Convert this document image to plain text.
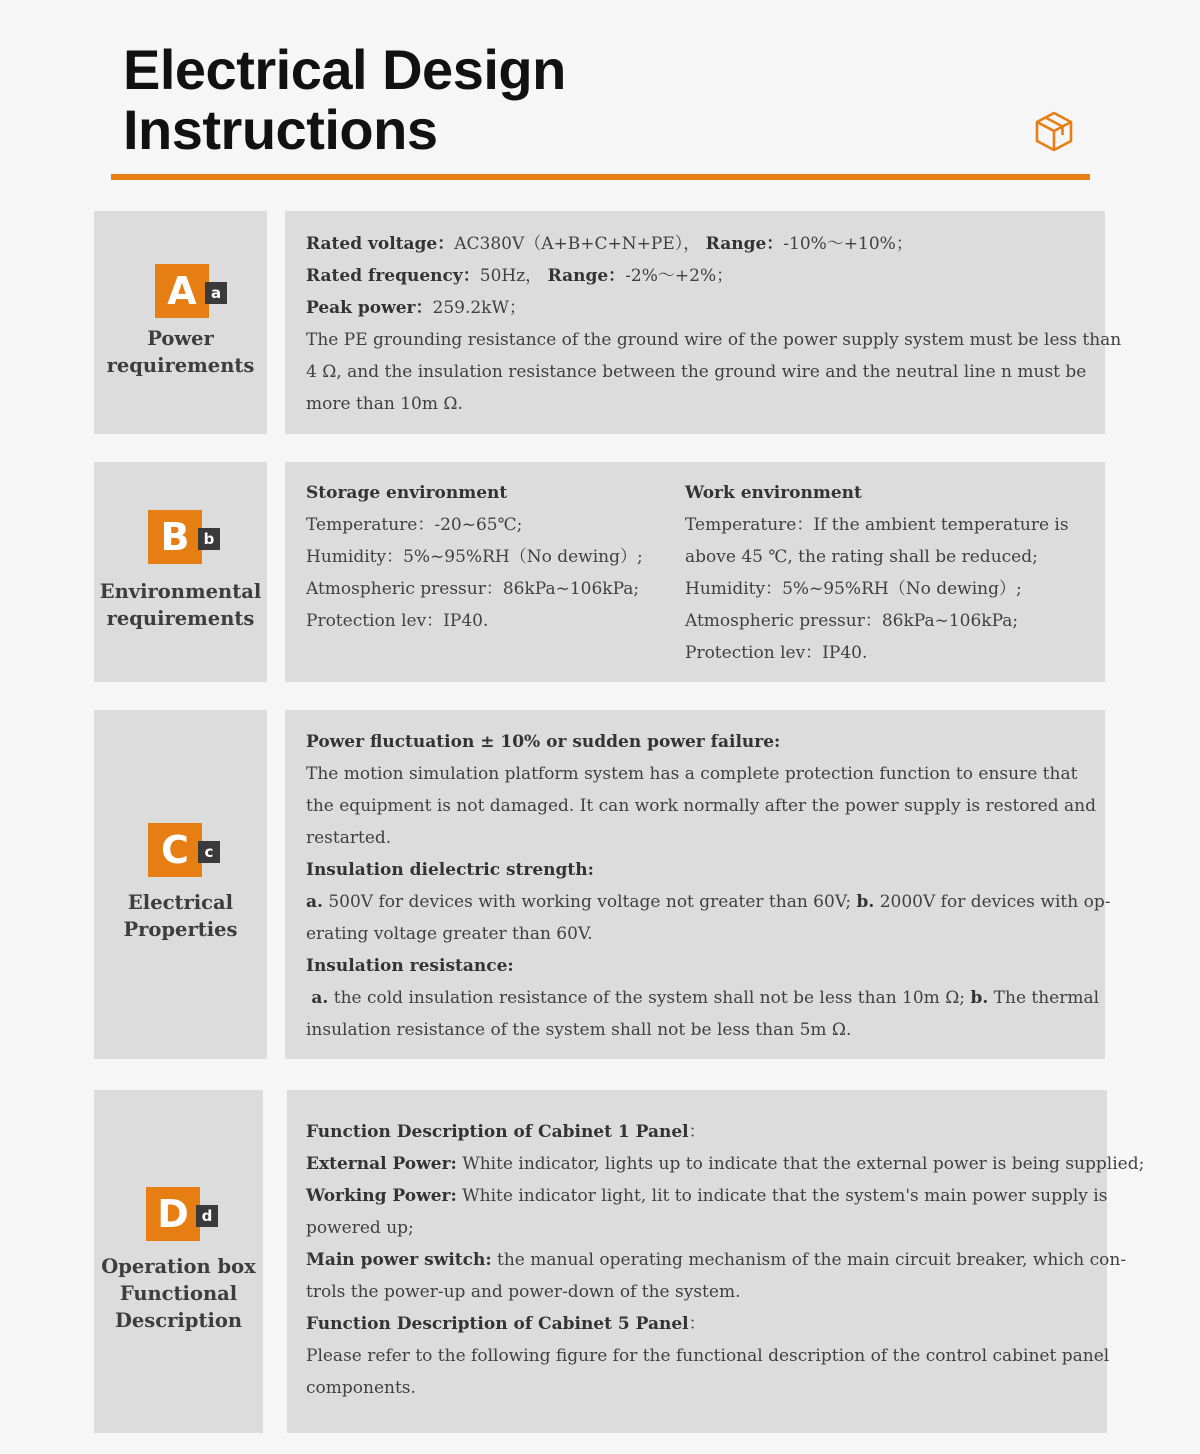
Electrical Design
Instructions
A a
Power
requirements

Rated voltage：AC380V（A+B+C+N+PE）， Range：-10%～+10%；

Rated frequency：50Hz， Range：-2%～+2%；

Peak power：259.2kW；

The PE grounding resistance of the ground wire of the power supply system must be less than

4 Ω, and the insulation resistance between the ground wire and the neutral line n must be

more than 10m Ω.

B b
Environmental
requirements

Storage environment

Temperature：-20~65℃;

Humidity：5%~95%RH（No dewing）;

Atmospheric pressur：86kPa~106kPa;

Protection lev：IP40.

Work environment

Temperature：If the ambient temperature is

above 45 ℃, the rating shall be reduced;

Humidity：5%~95%RH（No dewing）;

Atmospheric pressur：86kPa~106kPa;

Protection lev：IP40.

C	c
Electrical
Properties

Power fluctuation ± 10% or sudden power failure:

The motion simulation platform system has a complete protection function to ensure that

the equipment is not damaged. It can work normally after the power supply is restored and

restarted.

Insulation dielectric strength:

a. 500V for devices with working voltage not greater than 60V; b. 2000V for devices with op-

erating voltage greater than 60V.

Insulation resistance:

a. the cold insulation resistance of the system shall not be less than 10m Ω; b. The thermal

insulation resistance of the system shall not be less than 5m Ω.

D d
Operation box
Functional
Description

Function Description of Cabinet 1 Panel：

External Power: White indicator, lights up to indicate that the external power is being supplied;

Working Power: White indicator light, lit to indicate that the system's main power supply is

powered up;

Main power switch: the manual operating mechanism of the main circuit breaker, which con-

trols the power-up and power-down of the system.

Function Description of Cabinet 5 Panel：

Please refer to the following figure for the functional description of the control cabinet panel

components.
